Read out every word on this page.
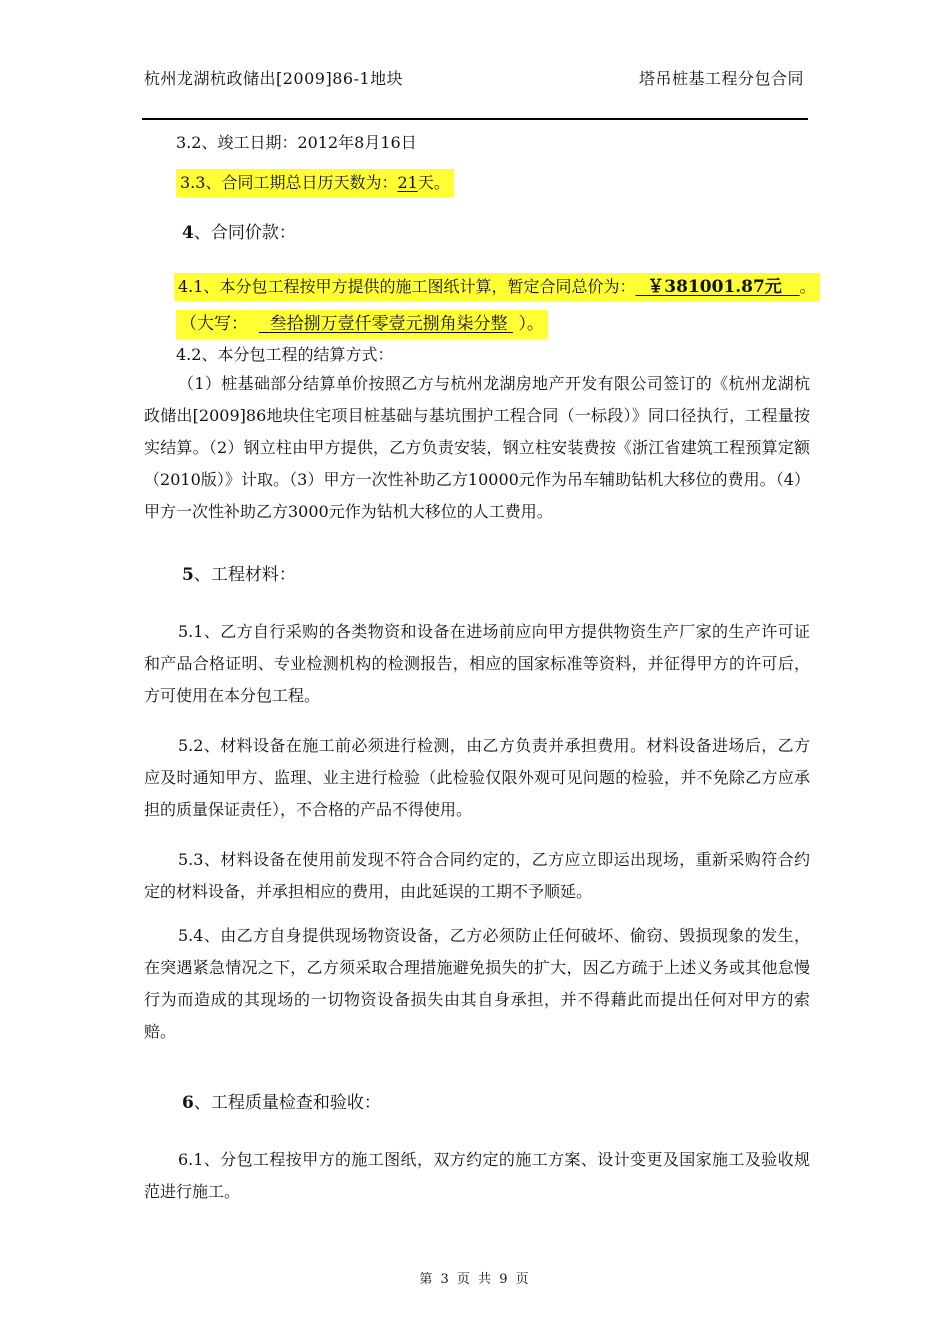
杭州龙湖杭政储出[2009]86-1地块	塔吊桩基工程分包合同
3.2、竣工日期：2012年8月16日
3.3、合同工期总日历天数为：21天。
4、合同价款：
4.1、本分包工程按甲方提供的施工图纸计算，暂定合同总价为： ￥381001.87元 。
（大写： 叁拾捌万壹仟零壹元捌角柒分整 ）。
4.2、本分包工程的结算方式：
（1）桩基础部分结算单价按照乙方与杭州龙湖房地产开发有限公司签订的《杭州龙湖杭政储出[2009]86地块住宅项目桩基础与基坑围护工程合同（一标段）》同口径执行，工程量按实结算。（2）钢立柱由甲方提供，乙方负责安装，钢立柱安装费按《浙江省建筑工程预算定额（2010版）》计取。（3）甲方一次性补助乙方10000元作为吊车辅助钻机大移位的费用。（4）甲方一次性补助乙方3000元作为钻机大移位的人工费用。
5、工程材料：
5.1、乙方自行采购的各类物资和设备在进场前应向甲方提供物资生产厂家的生产许可证和产品合格证明、专业检测机构的检测报告，相应的国家标准等资料，并征得甲方的许可后，方可使用在本分包工程。
5.2、材料设备在施工前必须进行检测，由乙方负责并承担费用。材料设备进场后，乙方应及时通知甲方、监理、业主进行检验（此检验仅限外观可见问题的检验，并不免除乙方应承担的质量保证责任），不合格的产品不得使用。
5.3、材料设备在使用前发现不符合合同约定的，乙方应立即运出现场，重新采购符合约定的材料设备，并承担相应的费用，由此延误的工期不予顺延。
5.4、由乙方自身提供现场物资设备，乙方必须防止任何破坏、偷窃、毁损现象的发生，在突遇紧急情况之下，乙方须采取合理措施避免损失的扩大，因乙方疏于上述义务或其他怠慢行为而造成的其现场的一切物资设备损失由其自身承担，并不得藉此而提出任何对甲方的索赔。
6、工程质量检查和验收：
6.1、分包工程按甲方的施工图纸，双方约定的施工方案、设计变更及国家施工及验收规范进行施工。
第 3 页 共 9 页
